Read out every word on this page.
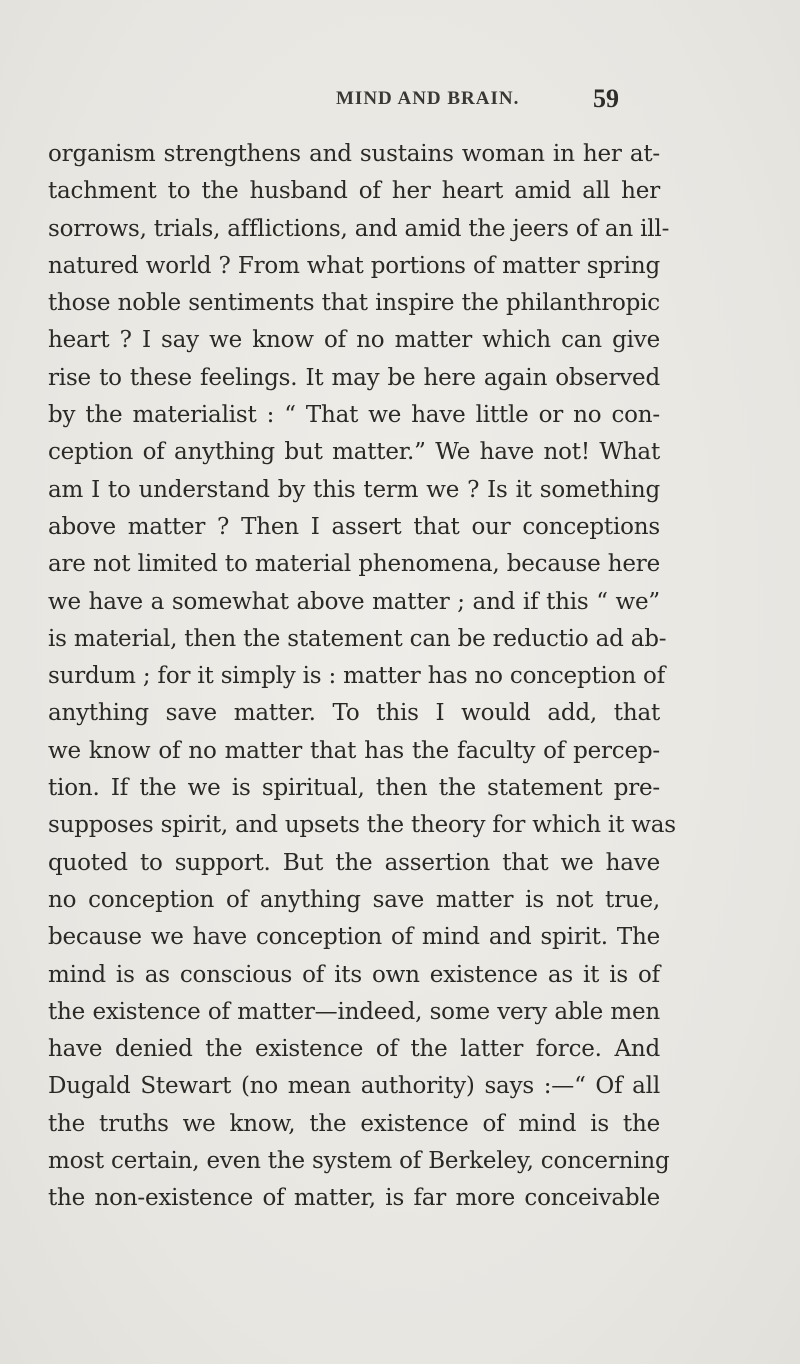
MIND AND BRAIN.	59
organism strengthens and sustains woman in her at-
tachment to the husband of her heart amid all her
sorrows, trials, afflictions, and amid the jeers of an ill-
natured world ? From what portions of matter spring
those noble sentiments that inspire the philanthropic
heart ? I say we know of no matter which can give
rise to these feelings. It may be here again observed
by the materialist : “ That we have little or no con-
ception of anything but matter.” We have not! What
am I to understand by this term we ? Is it something
above matter ? Then I assert that our conceptions
are not limited to material phenomena, because here
we have a somewhat above matter ; and if this “ we”
is material, then the statement can be reductio ad ab-
surdum ; for it simply is : matter has no conception of
anything save matter. To this I would add, that
we know of no matter that has the faculty of percep-
tion. If the we is spiritual, then the statement pre-
supposes spirit, and upsets the theory for which it was
quoted to support. But the assertion that we have
no conception of anything save matter is not true,
because we have conception of mind and spirit. The
mind is as conscious of its own existence as it is of
the existence of matter—indeed, some very able men
have denied the existence of the latter force. And
Dugald Stewart (no mean authority) says :—“ Of all
the truths we know, the existence of mind is the
most certain, even the system of Berkeley, concerning
the non-existence of matter, is far more conceivable
